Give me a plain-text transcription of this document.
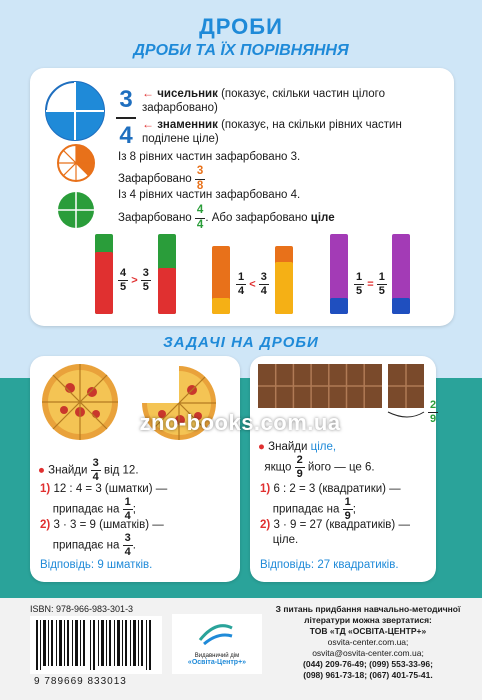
ДРОБИ
ДРОБИ ТА ЇХ ПОРІВНЯННЯ
3
4
← чисельник (показує, скільки частин цілого зафарбовано)
← знаменник (показує, на скільки рівних частин поділене ціле)
Із 8 рівних частин зафарбовано 3.
Зафарбовано $\frac{3}{8}$
Із 4 рівних частин зафарбовано 4.
Зафарбовано $\frac{4}{4}$ . Або зафарбовано ціле
$\frac{4}{5} > \frac{3}{5}$	$\frac{1}{4} < \frac{3}{4}$	$\frac{1}{5} = \frac{1}{5}$
ЗАДАЧІ НА ДРОБИ
● Знайди $\frac{3}{4}$ від 12.
1) 12 : 4 = 3 (шматки) —
припадає на $\frac{1}{4}$ ;
2) 3 · 3 = 9 (шматків) —
припадає на $\frac{3}{4}$ .
Відповідь: 9 шматків.
$\frac{2}{9}$
● Знайди ціле,
якщо $\frac{2}{9}$ його — це 6.
1) 6 : 2 = 3 (квадратики) —
припадає на $\frac{1}{9}$ ;
2) 3 · 9 = 27 (квадратиків) —
ціле.
Відповідь: 27 квадратиків.
zno-books.com.ua
ISBN: 978-966-983-301-3
9 789669 833013
Видавничий дім
«Освіта-Центр+»
З питань придбання навчально-методичної
літератури можна звертатися:
ТОВ «ТД «ОСВІТА-ЦЕНТР+»
osvita-center.com.ua;
osvita@osvita-center.com.ua;
(044) 209-76-49; (099) 553-33-96;
(098) 961-73-18; (067) 401-75-41.
